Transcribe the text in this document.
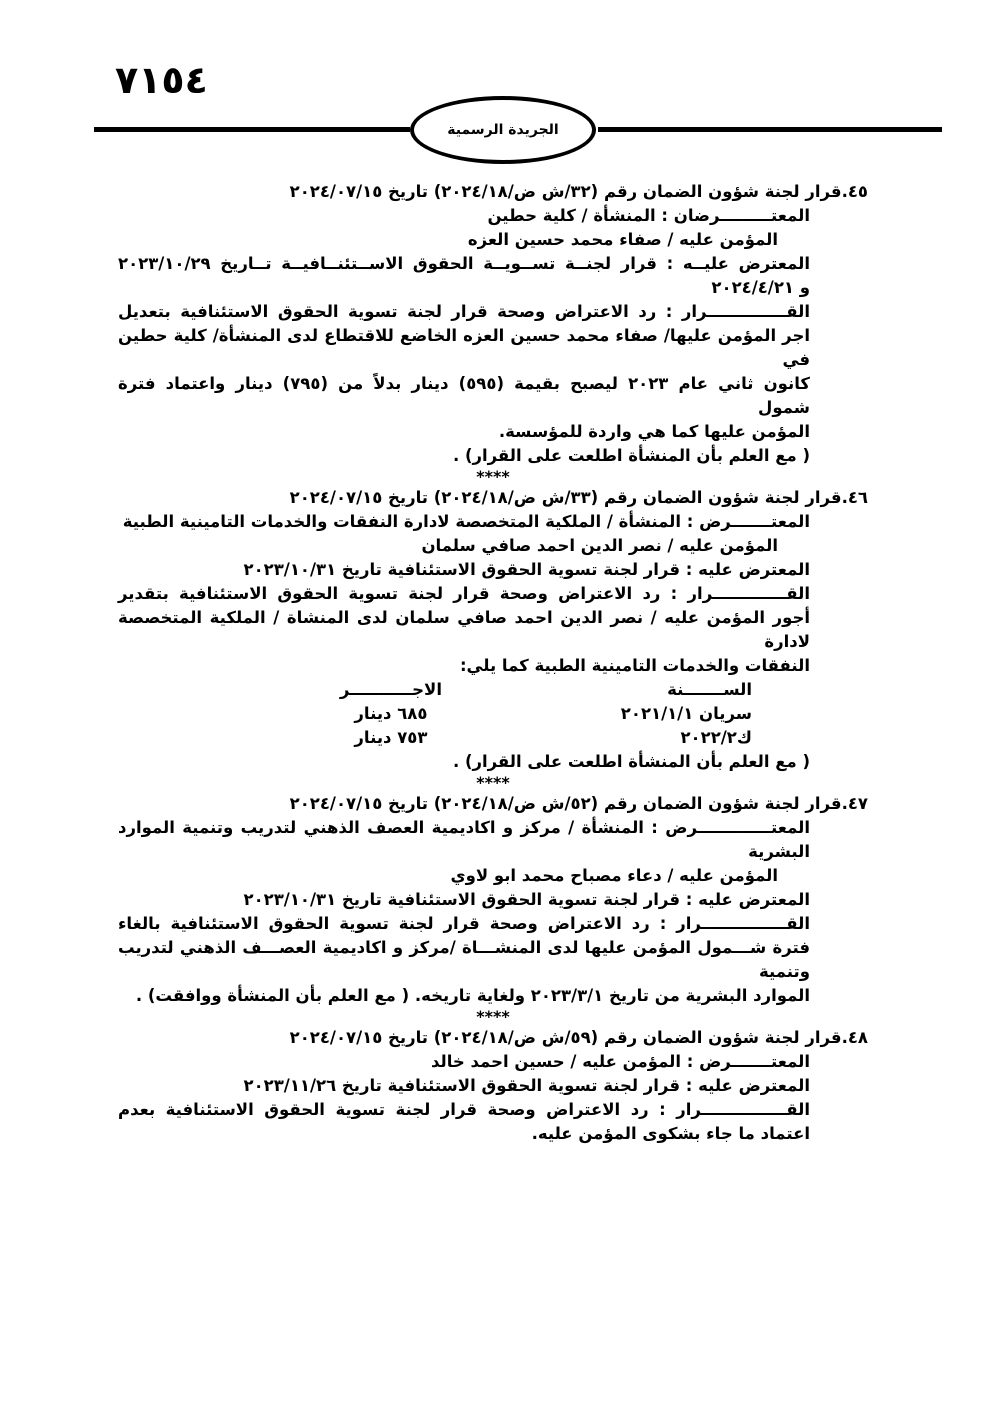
٧١٥٤
الجريدة الرسمية
٤٥.قرار لجنة شؤون الضمان رقم (٣٢/ش ض/٢٠٢٤/١٨) تاريخ ٢٠٢٤/٠٧/١٥
المعتـــــــــرضان : المنشأة / كلية حطين
المؤمن عليه / صفاء محمد حسين العزه
المعترض عليــه : قرار لجنــة تســويــة الحقوق الاســتئنــافيــة تــاريخ ٢٠٢٣/١٠/٢٩
و ٢٠٢٤/٤/٢١
القــــــــــــــرار : رد الاعتراض وصحة قرار لجنة تسوية الحقوق الاستئنافية بتعديل
اجر المؤمن عليها/ صفاء محمد حسين العزه الخاضع للاقتطاع لدى المنشأة/ كلية حطين في
كانون ثاني عام ٢٠٢٣ ليصبح بقيمة (٥٩٥) دينار بدلاً من (٧٩٥) دينار واعتماد فترة شمول
المؤمن عليها كما هي واردة للمؤسسة.
( مع العلم بأن المنشأة اطلعت على القرار) .
****
٤٦.قرار لجنة شؤون الضمان رقم (٣٣/ش ض/٢٠٢٤/١٨) تاريخ ٢٠٢٤/٠٧/١٥
المعتـــــــرض : المنشأة / الملكية المتخصصة لادارة النفقات والخدمات التامينية الطبية
المؤمن عليه / نصر الدين احمد صافي سلمان
المعترض عليه : قرار لجنة تسوية الحقوق الاستئنافية تاريخ ٢٠٢٣/١٠/٣١
القـــــــــــــرار : رد الاعتراض وصحة قرار لجنة تسوية الحقوق الاستئنافية بتقدير
أجور المؤمن عليه / نصر الدين احمد صافي سلمان لدى المنشاة / الملكية المتخصصة لادارة
النفقات والخدمات التامينية الطبية كما يلي:
الســـــــنة
الاجـــــــــــر
سريان ٢٠٢١/١/١
٦٨٥ دينار
ك٢٠٢٢/٢
٧٥٣ دينار
( مع العلم بأن المنشأة اطلعت على القرار) .
****
٤٧.قرار لجنة شؤون الضمان رقم (٥٢/ش ض/٢٠٢٤/١٨) تاريخ ٢٠٢٤/٠٧/١٥
المعتـــــــــــــرض : المنشأة / مركز و اكاديمية العصف الذهني لتدريب وتنمية الموارد
البشرية
المؤمن عليه / دعاء مصباح محمد ابو لاوي
المعترض عليه : قرار لجنة تسوية الحقوق الاستئنافية تاريخ ٢٠٢٣/١٠/٣١
القـــــــــــــــرار : رد الاعتراض وصحة قرار لجنة تسوية الحقوق الاستئنافية بالغاء
فترة شـــمول المؤمن عليها لدى المنشـــاة /مركز و اكاديمية العصـــف الذهني لتدريب وتنمية
الموارد البشرية من تاريخ ٢٠٢٣/٣/١ ولغاية تاريخه. ( مع العلم بأن المنشأة ووافقت) .
****
٤٨.قرار لجنة شؤون الضمان رقم (٥٩/ش ض/٢٠٢٤/١٨) تاريخ ٢٠٢٤/٠٧/١٥
المعتـــــــرض : المؤمن عليه / حسين احمد خالد
المعترض عليه : قرار لجنة تسوية الحقوق الاستئنافية تاريخ ٢٠٢٣/١١/٢٦
القـــــــــــــــرار : رد الاعتراض وصحة قرار لجنة تسوية الحقوق الاستئنافية بعدم
اعتماد ما جاء بشكوى المؤمن عليه.
